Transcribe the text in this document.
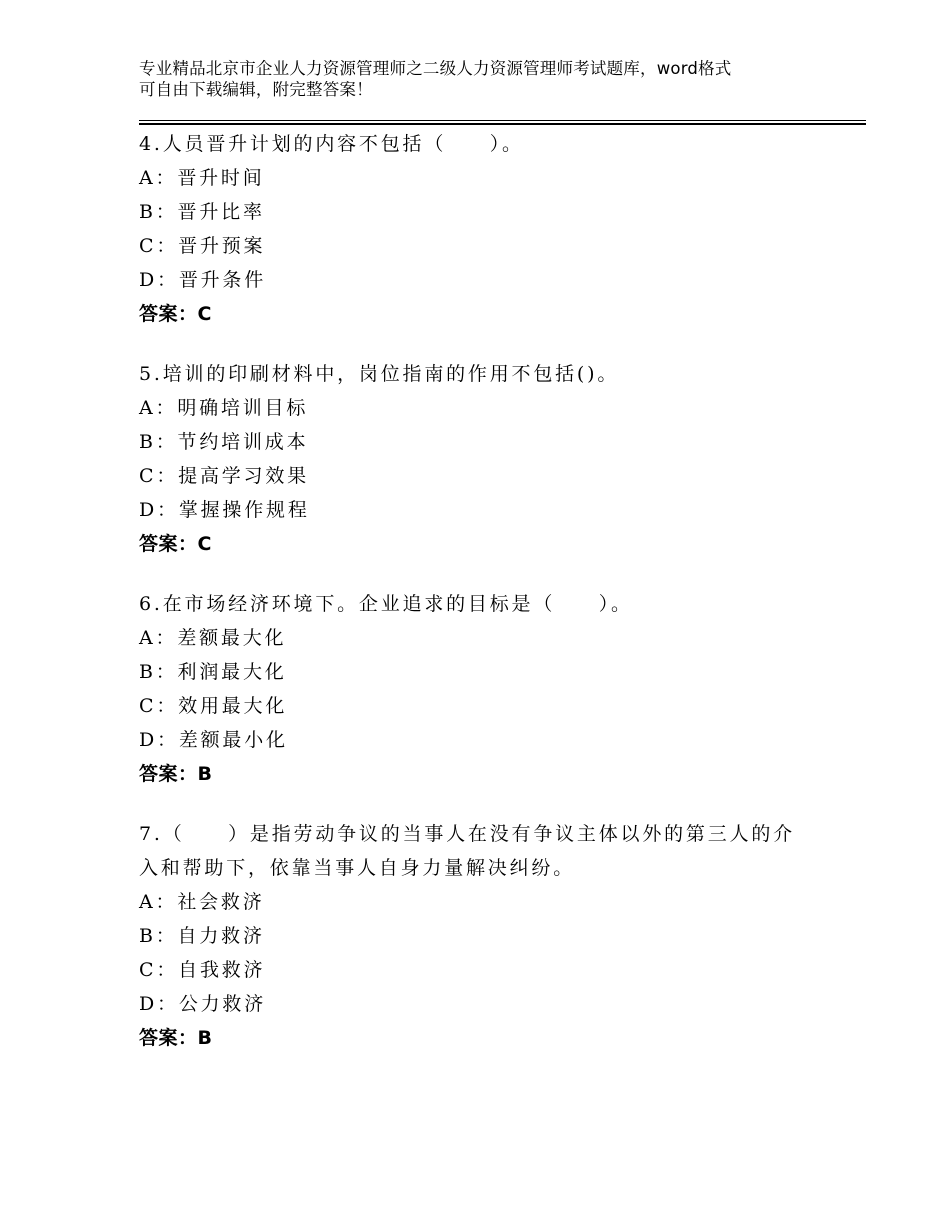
专业精品北京市企业人力资源管理师之二级人力资源管理师考试题库，word格式
可自由下载编辑，附完整答案！
4.人员晋升计划的内容不包括（　　）。
A：晋升时间
B：晋升比率
C：晋升预案
D：晋升条件
答案：C
5.培训的印刷材料中，岗位指南的作用不包括()。
A：明确培训目标
B：节约培训成本
C：提高学习效果
D：掌握操作规程
答案：C
6.在市场经济环境下。企业追求的目标是（　　）。
A：差额最大化
B：利润最大化
C：效用最大化
D：差额最小化
答案：B
7.（　　）是指劳动争议的当事人在没有争议主体以外的第三人的介入和帮助下，依靠当事人自身力量解决纠纷。
A：社会救济
B：自力救济
C：自我救济
D：公力救济
答案：B
